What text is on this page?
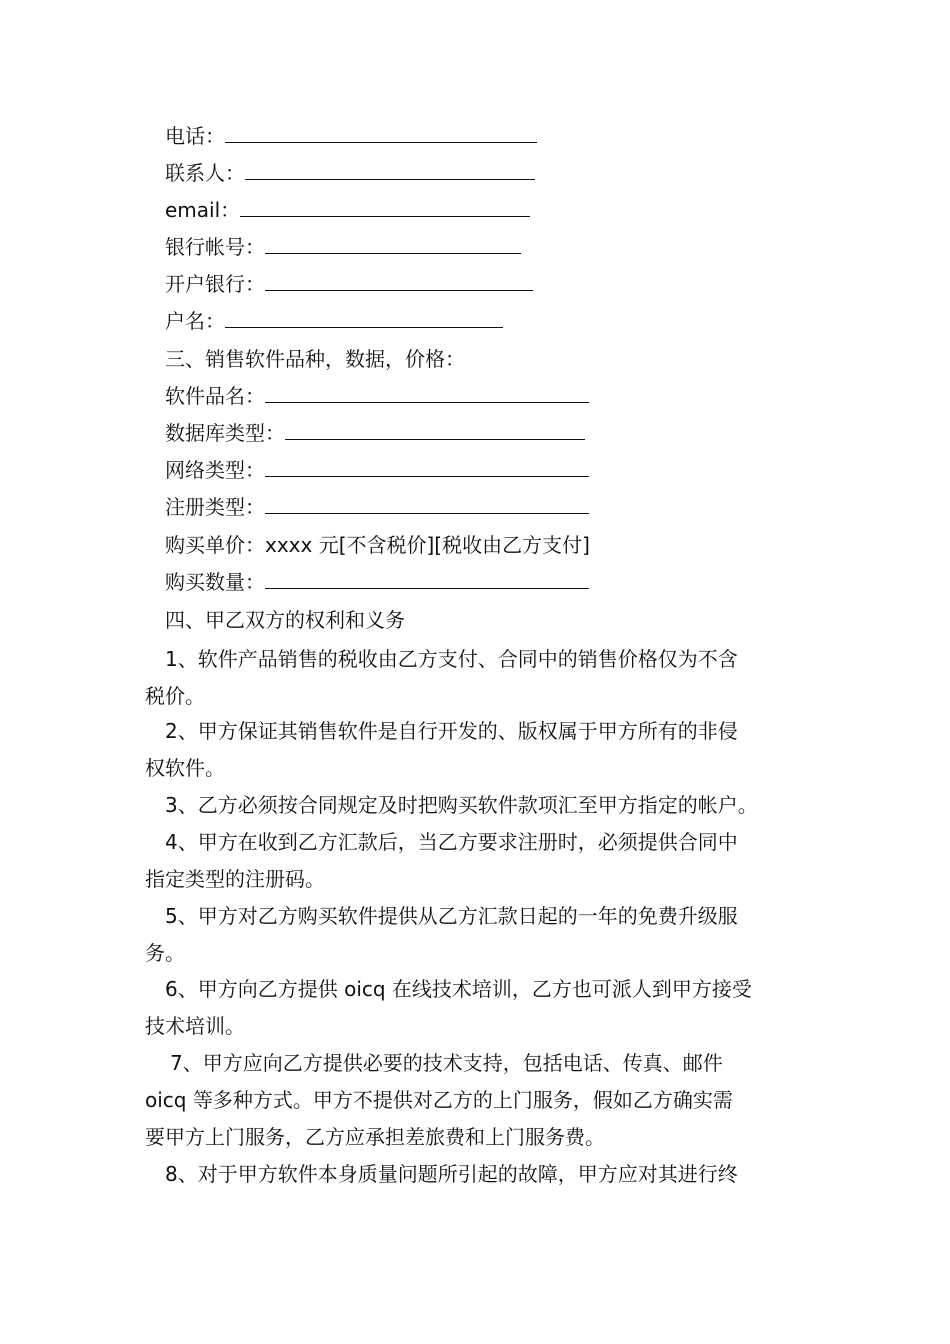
电话：
联系人：
email：
银行帐号：
开户银行：
户名：
三、销售软件品种，数据，价格：
软件品名：
数据库类型：
网络类型：
注册类型：
购买单价：xxxx 元[不含税价][税收由乙方支付]
购买数量：
四、甲乙双方的权利和义务
1、软件产品销售的税收由乙方支付、合同中的销售价格仅为不含
税价。
2、甲方保证其销售软件是自行开发的、版权属于甲方所有的非侵
权软件。
3、乙方必须按合同规定及时把购买软件款项汇至甲方指定的帐户。
4、甲方在收到乙方汇款后，当乙方要求注册时，必须提供合同中
指定类型的注册码。
5、甲方对乙方购买软件提供从乙方汇款日起的一年的免费升级服
务。
6、甲方向乙方提供 oicq 在线技术培训，乙方也可派人到甲方接受
技术培训。
7、甲方应向乙方提供必要的技术支持，包括电话、传真、邮件
oicq 等多种方式。甲方不提供对乙方的上门服务，假如乙方确实需
要甲方上门服务，乙方应承担差旅费和上门服务费。
8、对于甲方软件本身质量问题所引起的故障，甲方应对其进行终
